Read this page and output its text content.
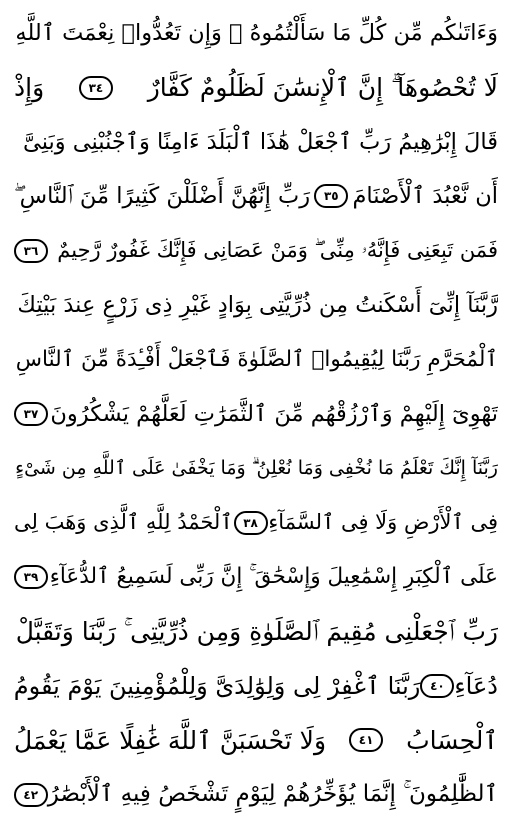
وَءَاتَىٰكُم مِّن كُلِّ مَا سَأَلْتُمُوهُ ۚ وَإِن تَعُدُّوا۟ نِعْمَتَ ٱللَّهِ
لَا تُحْصُوهَآ ۗ إِنَّ ٱلْإِنسَٰنَ لَظَلُومٌ كَفَّارٌ
٣٤
وَإِذْ
قَالَ إِبْرَٰهِيمُ رَبِّ ٱجْعَلْ هَٰذَا ٱلْبَلَدَ ءَامِنًا وَٱجْنُبْنِى وَبَنِىَّ
أَن نَّعْبُدَ ٱلْأَصْنَامَ
٣٥
رَبِّ إِنَّهُنَّ أَضْلَلْنَ كَثِيرًا مِّنَ ٱلنَّاسِ ۖ
فَمَن تَبِعَنِى فَإِنَّهُۥ مِنِّى ۖ وَمَنْ عَصَانِى فَإِنَّكَ غَفُورٌ رَّحِيمٌ
٣٦
رَّبَّنَآ إِنِّىٓ أَسْكَنتُ مِن ذُرِّيَّتِى بِوَادٍ غَيْرِ ذِى زَرْعٍ عِندَ بَيْتِكَ
ٱلْمُحَرَّمِ رَبَّنَا لِيُقِيمُوا۟ ٱلصَّلَوٰةَ فَٱجْعَلْ أَفْـِٔدَةً مِّنَ ٱلنَّاسِ
تَهْوِىٓ إِلَيْهِمْ وَٱرْزُقْهُم مِّنَ ٱلثَّمَرَٰتِ لَعَلَّهُمْ يَشْكُرُونَ
٣٧
رَبَّنَآ إِنَّكَ تَعْلَمُ مَا نُخْفِى وَمَا نُعْلِنُ ۗ وَمَا يَخْفَىٰ عَلَى ٱللَّهِ مِن شَىْءٍ
فِى ٱلْأَرْضِ وَلَا فِى ٱلسَّمَآءِ
٣٨
ٱلْحَمْدُ لِلَّهِ ٱلَّذِى وَهَبَ لِى
عَلَى ٱلْكِبَرِ إِسْمَٰعِيلَ وَإِسْحَٰقَ ۚ إِنَّ رَبِّى لَسَمِيعُ ٱلدُّعَآءِ
٣٩
رَبِّ ٱجْعَلْنِى مُقِيمَ ٱلصَّلَوٰةِ وَمِن ذُرِّيَّتِى ۚ رَبَّنَا وَتَقَبَّلْ
دُعَآءِ
٤٠
رَبَّنَا ٱغْفِرْ لِى وَلِوَٰلِدَىَّ وَلِلْمُؤْمِنِينَ يَوْمَ يَقُومُ
ٱلْحِسَابُ
٤١
وَلَا تَحْسَبَنَّ ٱللَّهَ غَٰفِلًا عَمَّا يَعْمَلُ
ٱلظَّٰلِمُونَ ۚ إِنَّمَا يُؤَخِّرُهُمْ لِيَوْمٍ تَشْخَصُ فِيهِ ٱلْأَبْصَٰرُ
٤٢
